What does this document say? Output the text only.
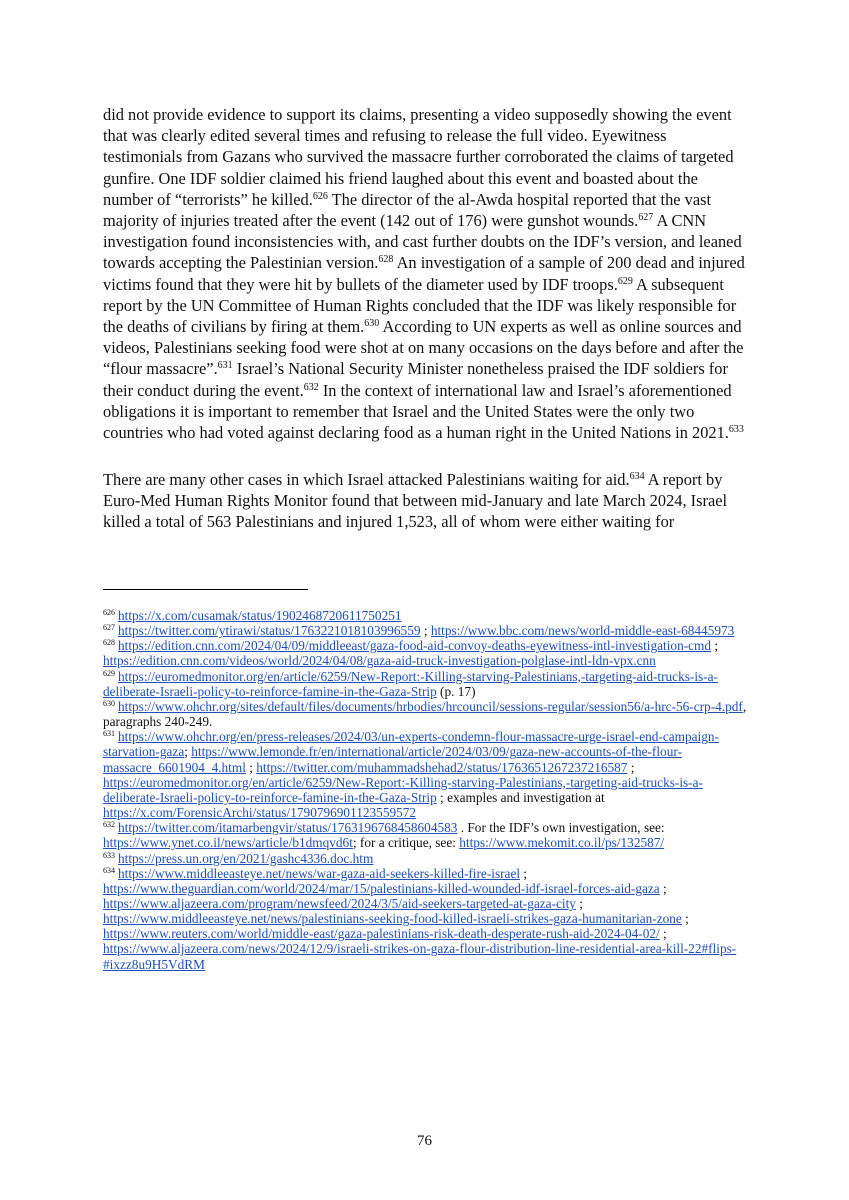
did not provide evidence to support its claims, presenting a video supposedly showing the event that was clearly edited several times and refusing to release the full video. Eyewitness testimonials from Gazans who survived the massacre further corroborated the claims of targeted gunfire. One IDF soldier claimed his friend laughed about this event and boasted about the number of “terrorists” he killed.$^{626}$ The director of the al-Awda hospital reported that the vast majority of injuries treated after the event (142 out of 176) were gunshot wounds.$^{627}$ A CNN investigation found inconsistencies with, and cast further doubts on the IDF’s version, and leaned towards accepting the Palestinian version.$^{628}$ An investigation of a sample of 200 dead and injured victims found that they were hit by bullets of the diameter used by IDF troops.$^{629}$ A subsequent report by the UN Committee of Human Rights concluded that the IDF was likely responsible for the deaths of civilians by firing at them.$^{630}$ According to UN experts as well as online sources and videos, Palestinians seeking food were shot at on many occasions on the days before and after the “flour massacre”.$^{631}$ Israel’s National Security Minister nonetheless praised the IDF soldiers for their conduct during the event.$^{632}$ In the context of international law and Israel’s aforementioned obligations it is important to remember that Israel and the United States were the only two countries who had voted against declaring food as a human right in the United Nations in 2021.$^{633}$

There are many other cases in which Israel attacked Palestinians waiting for aid.$^{634}$ A report by Euro-Med Human Rights Monitor found that between mid-January and late March 2024, Israel killed a total of 563 Palestinians and injured 1,523, all of whom were either waiting for

$^{626}$ https://x.com/cusamak/status/1902468720611750251

$^{627}$ https://twitter.com/ytirawi/status/1763221018103996559 ; https://www.bbc.com/news/world-middle-east-68445973

$^{628}$ https://edition.cnn.com/2024/04/09/middleeast/gaza-food-aid-convoy-deaths-eyewitness-intl-investigation-cmd ; https://edition.cnn.com/videos/world/2024/04/08/gaza-aid-truck-investigation-polglase-intl-ldn-vpx.cnn

$^{629}$ https://euromedmonitor.org/en/article/6259/New-Report:-Killing-starving-Palestinians,-targeting-aid-trucks-is-a-deliberate-Israeli-policy-to-reinforce-famine-in-the-Gaza-Strip (p. 17)

$^{630}$ https://www.ohchr.org/sites/default/files/documents/hrbodies/hrcouncil/sessions-regular/session56/a-hrc-56-crp-4.pdf, paragraphs 240-249.

$^{631}$ https://www.ohchr.org/en/press-releases/2024/03/un-experts-condemn-flour-massacre-urge-israel-end-campaign-starvation-gaza; https://www.lemonde.fr/en/international/article/2024/03/09/gaza-new-accounts-of-the-flour-massacre_6601904_4.html ; https://twitter.com/muhammadshehad2/status/1763651267237216587 ; https://euromedmonitor.org/en/article/6259/New-Report:-Killing-starving-Palestinians,-targeting-aid-trucks-is-a-deliberate-Israeli-policy-to-reinforce-famine-in-the-Gaza-Strip ; examples and investigation at https://x.com/ForensicArchi/status/1790796901123559572

$^{632}$ https://twitter.com/itamarbengvir/status/1763196768458604583 . For the IDF’s own investigation, see: https://www.ynet.co.il/news/article/b1dmqvd6t; for a critique, see: https://www.mekomit.co.il/ps/132587/

$^{633}$ https://press.un.org/en/2021/gashc4336.doc.htm

$^{634}$ https://www.middleeasteye.net/news/war-gaza-aid-seekers-killed-fire-israel ; https://www.theguardian.com/world/2024/mar/15/palestinians-killed-wounded-idf-israel-forces-aid-gaza ; https://www.aljazeera.com/program/newsfeed/2024/3/5/aid-seekers-targeted-at-gaza-city ; https://www.middleeasteye.net/news/palestinians-seeking-food-killed-israeli-strikes-gaza-humanitarian-zone ; https://www.reuters.com/world/middle-east/gaza-palestinians-risk-death-desperate-rush-aid-2024-04-02/ ; https://www.aljazeera.com/news/2024/12/9/israeli-strikes-on-gaza-flour-distribution-line-residential-area-kill-22#flips-#ixzz8u9H5VdRM

76
